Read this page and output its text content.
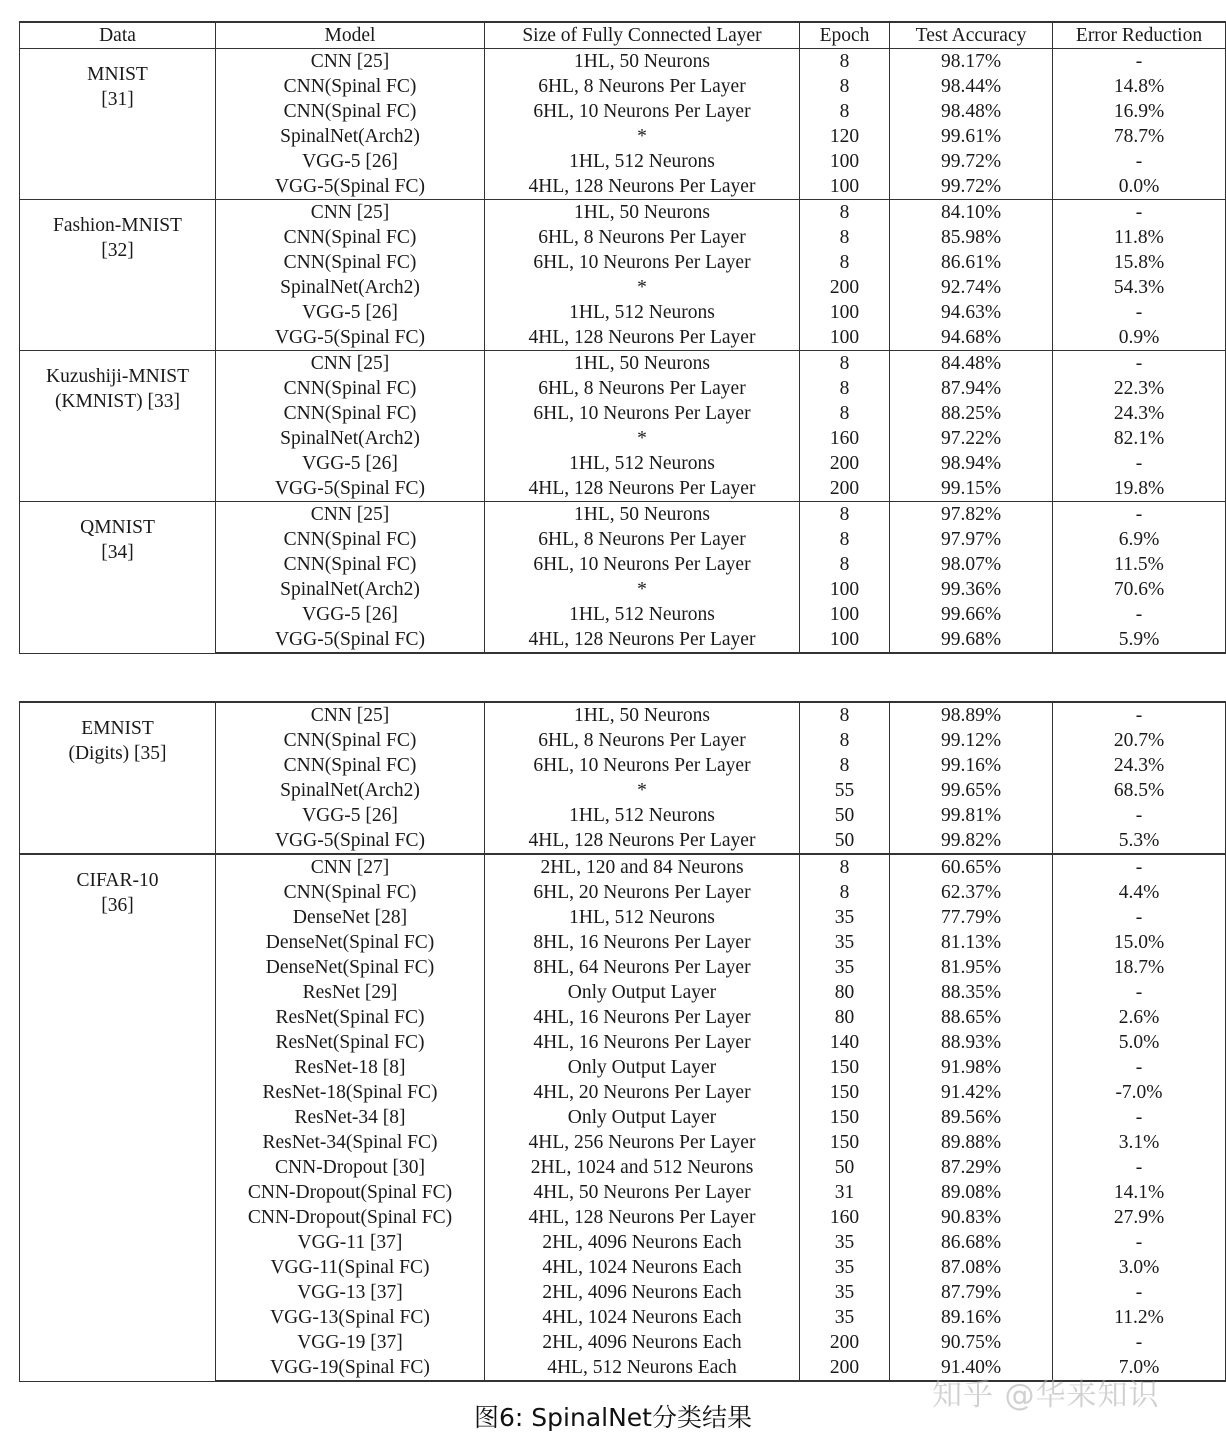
Data	Model	Size of Fully Connected Layer	Epoch	Test Accuracy	Error Reduction

MNIST
[31]	CNN [25]	1HL, 50 Neurons	8	98.17%	-
	CNN(Spinal FC)	6HL, 8 Neurons Per Layer	8	98.44%	14.8%
	CNN(Spinal FC)	6HL, 10 Neurons Per Layer	8	98.48%	16.9%
	SpinalNet(Arch2)	*	120	99.61%	78.7%
	VGG-5 [26]	1HL, 512 Neurons	100	99.72%	-
	VGG-5(Spinal FC)	4HL, 128 Neurons Per Layer	100	99.72%	0.0%

Fashion-MNIST
[32]	CNN [25]	1HL, 50 Neurons	8	84.10%	-
	CNN(Spinal FC)	6HL, 8 Neurons Per Layer	8	85.98%	11.8%
	CNN(Spinal FC)	6HL, 10 Neurons Per Layer	8	86.61%	15.8%
	SpinalNet(Arch2)	*	200	92.74%	54.3%
	VGG-5 [26]	1HL, 512 Neurons	100	94.63%	-
	VGG-5(Spinal FC)	4HL, 128 Neurons Per Layer	100	94.68%	0.9%

Kuzushiji-MNIST
(KMNIST) [33]	CNN [25]	1HL, 50 Neurons	8	84.48%	-
	CNN(Spinal FC)	6HL, 8 Neurons Per Layer	8	87.94%	22.3%
	CNN(Spinal FC)	6HL, 10 Neurons Per Layer	8	88.25%	24.3%
	SpinalNet(Arch2)	*	160	97.22%	82.1%
	VGG-5 [26]	1HL, 512 Neurons	200	98.94%	-
	VGG-5(Spinal FC)	4HL, 128 Neurons Per Layer	200	99.15%	19.8%

QMNIST
[34]	CNN [25]	1HL, 50 Neurons	8	97.82%	-
	CNN(Spinal FC)	6HL, 8 Neurons Per Layer	8	97.97%	6.9%
	CNN(Spinal FC)	6HL, 10 Neurons Per Layer	8	98.07%	11.5%
	SpinalNet(Arch2)	*	100	99.36%	70.6%
	VGG-5 [26]	1HL, 512 Neurons	100	99.66%	-
	VGG-5(Spinal FC)	4HL, 128 Neurons Per Layer	100	99.68%	5.9%
EMNIST
(Digits) [35]	CNN [25]	1HL, 50 Neurons	8	98.89%	-
	CNN(Spinal FC)	6HL, 8 Neurons Per Layer	8	99.12%	20.7%
	CNN(Spinal FC)	6HL, 10 Neurons Per Layer	8	99.16%	24.3%
	SpinalNet(Arch2)	*	55	99.65%	68.5%
	VGG-5 [26]	1HL, 512 Neurons	50	99.81%	-
	VGG-5(Spinal FC)	4HL, 128 Neurons Per Layer	50	99.82%	5.3%

CIFAR-10
[36]	CNN [27]	2HL, 120 and 84 Neurons	8	60.65%	-
	CNN(Spinal FC)	6HL, 20 Neurons Per Layer	8	62.37%	4.4%
	DenseNet [28]	1HL, 512 Neurons	35	77.79%	-
	DenseNet(Spinal FC)	8HL, 16 Neurons Per Layer	35	81.13%	15.0%
	DenseNet(Spinal FC)	8HL, 64 Neurons Per Layer	35	81.95%	18.7%
	ResNet [29]	Only Output Layer	80	88.35%	-
	ResNet(Spinal FC)	4HL, 16 Neurons Per Layer	80	88.65%	2.6%
	ResNet(Spinal FC)	4HL, 16 Neurons Per Layer	140	88.93%	5.0%
	ResNet-18 [8]	Only Output Layer	150	91.98%	-
	ResNet-18(Spinal FC)	4HL, 20 Neurons Per Layer	150	91.42%	-7.0%
	ResNet-34 [8]	Only Output Layer	150	89.56%	-
	ResNet-34(Spinal FC)	4HL, 256 Neurons Per Layer	150	89.88%	3.1%
	CNN-Dropout [30]	2HL, 1024 and 512 Neurons	50	87.29%	-
	CNN-Dropout(Spinal FC)	4HL, 50 Neurons Per Layer	31	89.08%	14.1%
	CNN-Dropout(Spinal FC)	4HL, 128 Neurons Per Layer	160	90.83%	27.9%
	VGG-11 [37]	2HL, 4096 Neurons Each	35	86.68%	-
	VGG-11(Spinal FC)	4HL, 1024 Neurons Each	35	87.08%	3.0%
	VGG-13 [37]	2HL, 4096 Neurons Each	35	87.79%	-
	VGG-13(Spinal FC)	4HL, 1024 Neurons Each	35	89.16%	11.2%
	VGG-19 [37]	2HL, 4096 Neurons Each	200	90.75%	-
	VGG-19(Spinal FC)	4HL, 512 Neurons Each	200	91.40%	7.0%
图6: SpinalNet分类结果
知乎 @华来知识
